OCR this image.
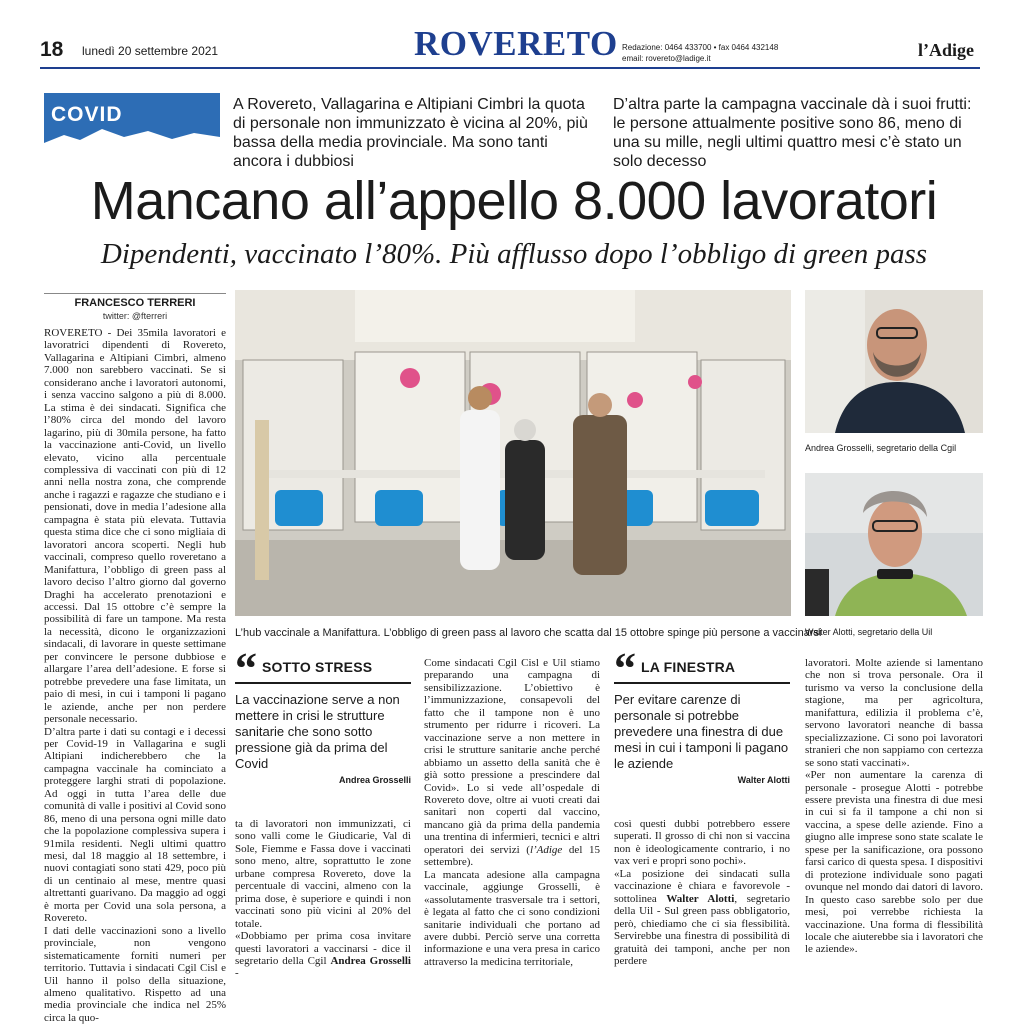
18 lunedì 20 settembre 2021	ROVERETO Redazione: 0464 433700 • fax 0464 432148
email: rovereto@ladige.it	l’Adige
COVID	A Rovereto, Vallagarina e Altipiani Cimbri la quota di personale non immunizzato è vicina al 20%, più bassa della media provinciale. Ma sono tanti ancora i dubbiosi
D’altra parte la campagna vaccinale dà i suoi frutti: le persone attualmente positive sono 86, meno di una su mille, negli ultimi quattro mesi c’è stato un solo decesso
Mancano all’appello 8.000 lavoratori
Dipendenti, vaccinato l’80%. Più afflusso dopo l’obbligo di green pass
FRANCESCO TERRERI
twitter: @fterreri

ROVERETO - Dei 35mila lavoratori e lavoratrici dipendenti di Rovereto, Vallagarina e Altipiani Cimbri, almeno 7.000 non sarebbero vaccinati. Se si considerano anche i lavoratori autonomi, i senza vaccino salgono a più di 8.000. La stima è dei sindacati. Significa che l’80% circa del mondo del lavoro lagarino, più di 30mila persone, ha fatto la vaccinazione anti-Covid, un livello elevato, vicino alla percentuale complessiva di vaccinati con più di 12 anni nella nostra zona, che comprende anche i ragazzi e ragazze che studiano e i pensionati, dove in media l’adesione alla campagna è stata più elevata. Tuttavia questa stima dice che ci sono migliaia di lavoratori ancora scoperti. Negli hub vaccinali, compreso quello roveretano a Manifattura, l’obbligo di green pass al lavoro deciso l’altro giorno dal governo Draghi ha accelerato prenotazioni e accessi. Dal 15 ottobre c’è sempre la possibilità di fare un tampone. Ma resta la necessità, dicono le organizzazioni sindacali, di lavorare in queste settimane per convincere le persone dubbiose e allargare l’area dell’adesione. E forse si potrebbe prevedere una fase limitata, un paio di mesi, in cui i tamponi li pagano le aziende, anche per non perdere personale necessario.

D’altra parte i dati su contagi e i decessi per Covid-19 in Vallagarina e sugli Altipiani indicherebbero che la campagna vaccinale ha cominciato a proteggere larghi strati di popolazione. Ad oggi in tutta l’area delle due comunità di valle i positivi al Covid sono 86, meno di una persona ogni mille dato che la popolazione complessiva supera i 91mila residenti. Negli ultimi quattro mesi, dal 18 maggio al 18 settembre, i nuovi contagiati sono stati 429, poco più di un centinaio al mese, mentre quasi altrettanti guarivano. Da maggio ad oggi è morta per Covid una sola persona, a Rovereto.

I dati delle vaccinazioni sono a livello provinciale, non vengono sistematicamente forniti numeri per territorio. Tuttavia i sindacati Cgil Cisl e Uil hanno il polso della situazione, almeno qualitativo. Rispetto ad una media provinciale che indica nel 25% circa la quo-

L’hub vaccinale a Manifattura. L’obbligo di green pass al lavoro che scatta dal 15 ottobre spinge più persone a vaccinarsi
Andrea Grosselli, segretario della Cgil
Walter Alotti, segretario della Uil
“ SOTTO STRESS
La vaccinazione serve a non mettere in crisi le strutture sanitarie che sono sotto pressione già da prima del Covid
Andrea Grosselli

ta di lavoratori non immunizzati, ci sono valli come le Giudicarie, Val di Sole, Fiemme e Fassa dove i vaccinati sono meno, altre, soprattutto le zone urbane compresa Rovereto, dove la percentuale di vaccini, almeno con la prima dose, è superiore e quindi i non vaccinati sono più vicini al 20% del totale.

«Dobbiamo per prima cosa invitare questi lavoratori a vaccinarsi - dice il segretario della Cgil Andrea Grosselli -

Come sindacati Cgil Cisl e Uil stiamo preparando una campagna di sensibilizzazione. L’obiettivo è l’immunizzazione, consapevoli del fatto che il tampone non è uno strumento per ridurre i ricoveri. La vaccinazione serve a non mettere in crisi le strutture sanitarie anche perché abbiamo un assetto della sanità che è già sotto pressione a prescindere dal Covid». Lo si vede all’ospedale di Rovereto dove, oltre ai vuoti creati dai sanitari non coperti dal vaccino, mancano già da prima della pandemia una trentina di infermieri, tecnici e altri operatori dei servizi (l’Adige del 15 settembre).

La mancata adesione alla campagna vaccinale, aggiunge Grosselli, è «assolutamente trasversale tra i settori, è legata al fatto che ci sono condizioni sanitarie individuali che portano ad avere dubbi. Perciò serve una corretta informazione e una vera presa in carico attraverso la medicina territoriale,

“ LA FINESTRA
Per evitare carenze di personale si potrebbe prevedere una finestra di due mesi in cui i tamponi li pagano le aziende
Walter Alotti

così questi dubbi potrebbero essere superati. Il grosso di chi non si vaccina non è ideologicamente contrario, i no vax veri e propri sono pochi».

«La posizione dei sindacati sulla vaccinazione è chiara e favorevole - sottolinea Walter Alotti, segretario della Uil - Sul green pass obbligatorio, però, chiediamo che ci sia flessibilità. Servirebbe una finestra di possibilità di gratuità dei tamponi, anche per non perdere

lavoratori. Molte aziende si lamentano che non si trova personale. Ora il turismo va verso la conclusione della stagione, ma per agricoltura, manifattura, edilizia il problema c’è, servono lavoratori neanche di bassa specializzazione. Ci sono poi lavoratori stranieri che non sappiamo con certezza se sono stati vaccinati».

«Per non aumentare la carenza di personale - prosegue Alotti - potrebbe essere prevista una finestra di due mesi in cui si fa il tampone a chi non si vaccina, a spese delle aziende. Fino a giugno alle imprese sono state scalate le spese per la sanificazione, ora possono farsi carico di questa spesa. I dispositivi di protezione individuale sono pagati ovunque nel mondo dai datori di lavoro. In questo caso sarebbe solo per due mesi, poi verrebbe richiesta la vaccinazione. Una forma di flessibilità locale che aiuterebbe sia i lavoratori che le aziende».
